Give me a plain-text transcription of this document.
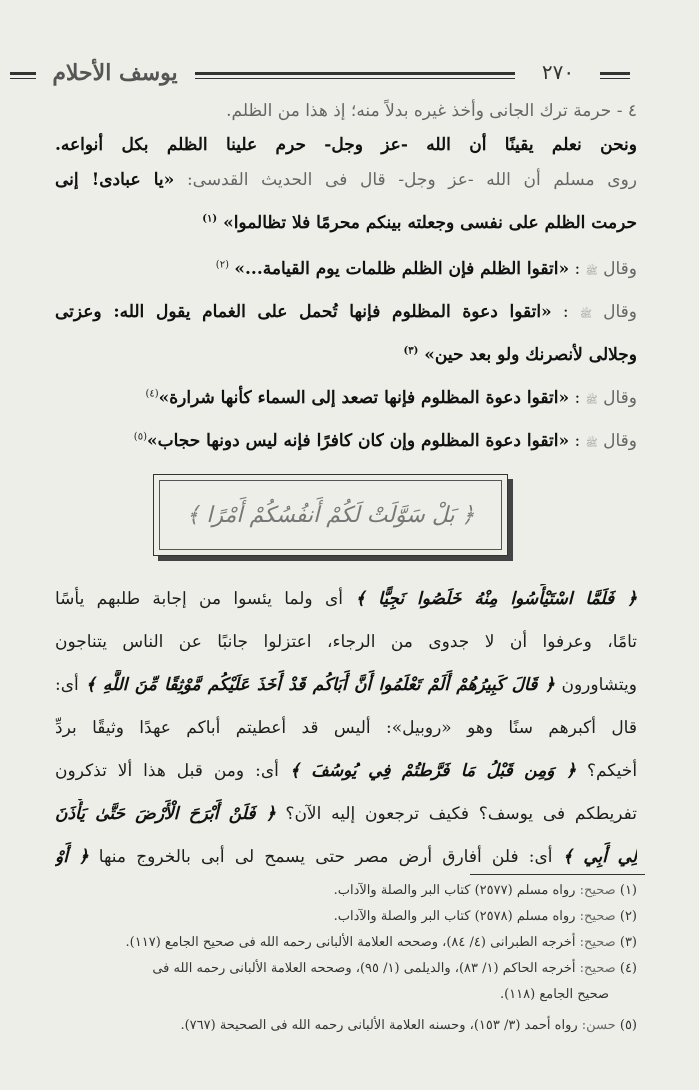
يوسف الأحلام	٢٧٠
٤ - حرمة ترك الجانى وأخذ غيره بدلاً منه؛ إذ هذا من الظلم.
ونحن نعلم يقينًا أن الله -عز وجل- حرم علينا الظلم بكل أنواعه.
روى مسلم أن الله -عز وجل- قال فى الحديث القدسى: «يا عبادى! إنى
حرمت الظلم على نفسى وجعلته بينكم محرمًا فلا تظالموا» $^{(١)}$
وقال ﷺ : «اتقوا الظلم فإن الظلم ظلمات يوم القيامة...» $^{(٢)}$
وقال ﷺ : «اتقوا دعوة المظلوم فإنها تُحمل على الغمام يقول الله: وعزتى
وجلالى لأنصرنك ولو بعد حين» $^{(٣)}$
وقال ﷺ : «اتقوا دعوة المظلوم فإنها تصعد إلى السماء كأنها شرارة»$^{(٤)}$
وقال ﷺ : «اتقوا دعوة المظلوم وإن كان كافرًا فإنه ليس دونها حجاب»$^{(٥)}$
﴿ بَلْ سَوَّلَتْ لَكُمْ أَنفُسُكُمْ أَمْرًا ﴾
﴿ فَلَمَّا اسْتَيْأَسُوا مِنْهُ خَلَصُوا نَجِيًّا ﴾ أى ولما يئسوا من إجابة طلبهم يأسًا
تامًا، وعرفوا أن لا جدوى من الرجاء، اعتزلوا جانبًا عن الناس يتناجون
ويتشاورون ﴿ قَالَ كَبِيرُهُمْ أَلَمْ تَعْلَمُوا أَنَّ أَبَاكُم قَدْ أَخَذَ عَلَيْكُم مَّوْثِقًا مِّنَ اللَّهِ ﴾ أى:
قال أكبرهم سنًا وهو «روبيل»: أليس قد أعطيتم أباكم عهدًا وثيقًا بردِّ
أخيكم؟ ﴿ وَمِن قَبْلُ مَا فَرَّطتُمْ فِي يُوسُفَ ﴾ أى: ومن قبل هذا ألا تذكرون
تفريطكم فى يوسف؟ فكيف ترجعون إليه الآن؟ ﴿ فَلَنْ أَبْرَحَ الْأَرْضَ حَتَّىٰ يَأْذَنَ
لِي أَبِي ﴾ أى: فلن أفارق أرض مصر حتى يسمح لى أبى بالخروج منها ﴿ أَوْ
(١) صحيح: رواه مسلم (٢٥٧٧) كتاب البر والصلة والآداب.
(٢) صحيح: رواه مسلم (٢٥٧٨) كتاب البر والصلة والآداب.
(٣) صحيح: أخرجه الطبرانى (٤/ ٨٤)، وصححه العلامة الألبانى رحمه الله فى صحيح الجامع (١١٧).
(٤) صحيح: أخرجه الحاكم (١/ ٨٣)، والديلمى (١/ ٩٥)، وصححه العلامة الألبانى رحمه الله فى
صحيح الجامع (١١٨).
(٥) حسن: رواه أحمد (٣/ ١٥٣)، وحسنه العلامة الألبانى رحمه الله فى الصحيحة (٧٦٧).
